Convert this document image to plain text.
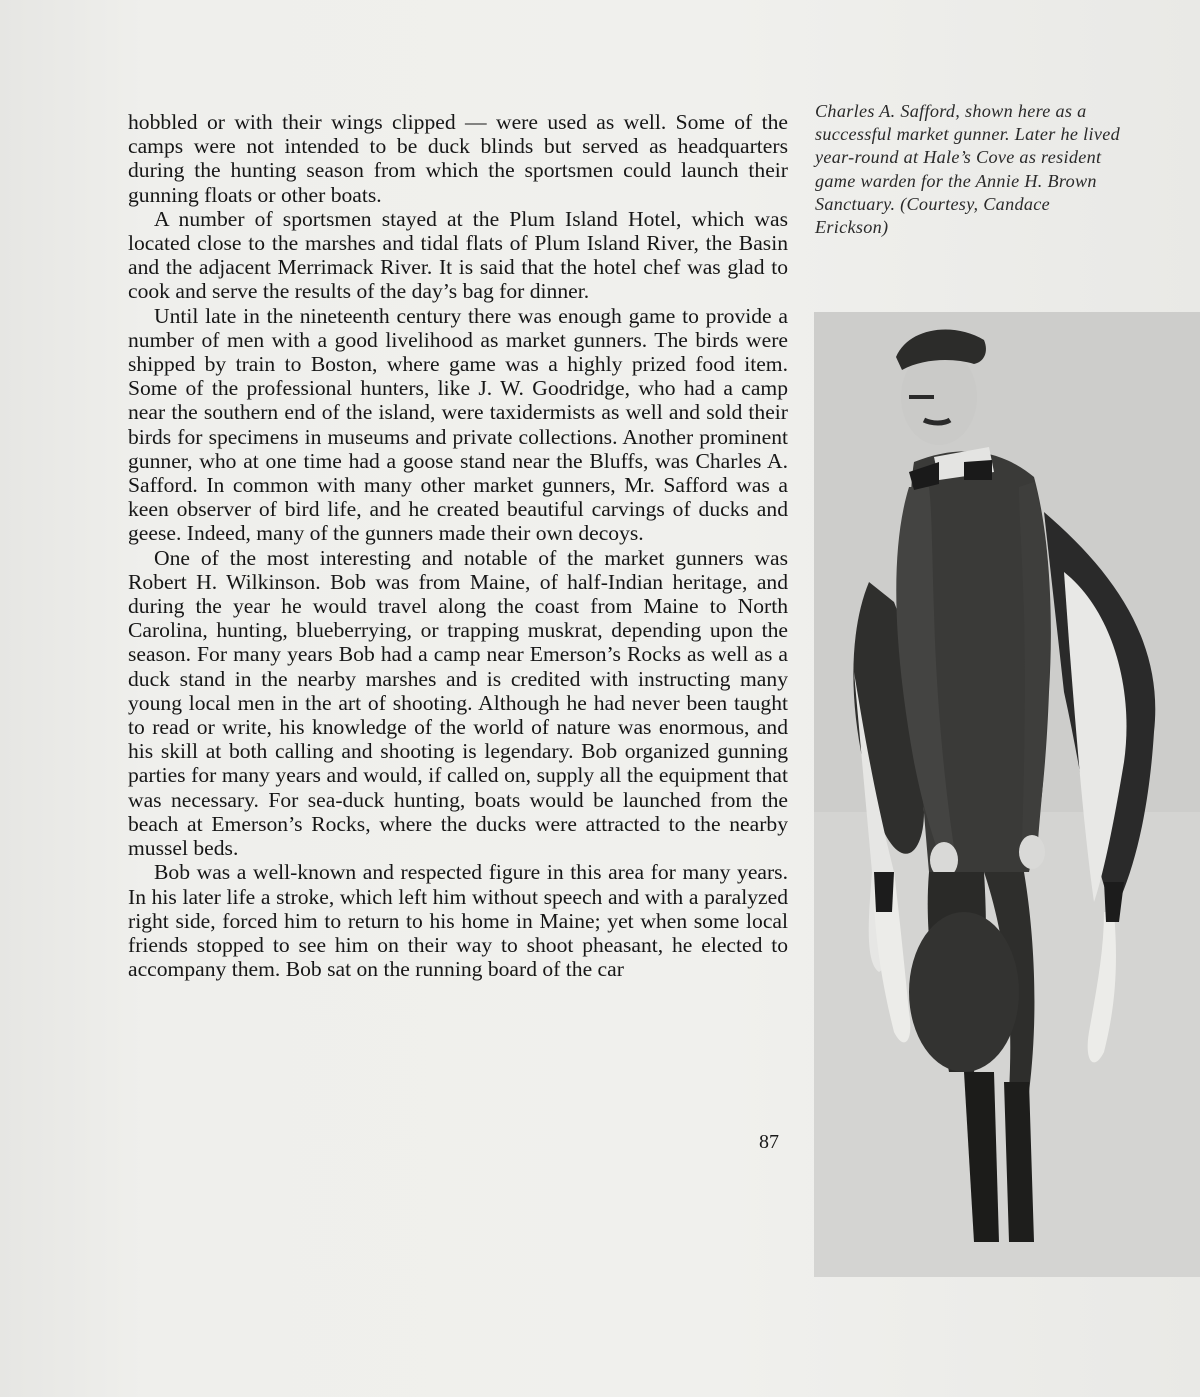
hobbled or with their wings clipped — were used as well. Some of the camps were not intended to be duck blinds but served as headquarters during the hunting season from which the sportsmen could launch their gunning floats or other boats.

A number of sportsmen stayed at the Plum Island Hotel, which was located close to the marshes and tidal flats of Plum Island River, the Basin and the adjacent Merrimack River. It is said that the hotel chef was glad to cook and serve the results of the day’s bag for dinner.

Until late in the nineteenth century there was enough game to provide a number of men with a good livelihood as market gunners. The birds were shipped by train to Boston, where game was a highly prized food item. Some of the professional hunters, like J. W. Goodridge, who had a camp near the southern end of the island, were taxidermists as well and sold their birds for specimens in museums and private collections. Another prominent gunner, who at one time had a goose stand near the Bluffs, was Charles A. Safford. In common with many other market gunners, Mr. Safford was a keen observer of bird life, and he created beautiful carvings of ducks and geese. Indeed, many of the gunners made their own decoys.

One of the most interesting and notable of the market gunners was Robert H. Wilkinson. Bob was from Maine, of half-Indian heritage, and during the year he would travel along the coast from Maine to North Carolina, hunting, blueberrying, or trapping muskrat, depending upon the season. For many years Bob had a camp near Emerson’s Rocks as well as a duck stand in the nearby marshes and is credited with instructing many young local men in the art of shooting. Although he had never been taught to read or write, his knowledge of the world of nature was enormous, and his skill at both calling and shooting is legendary. Bob organized gunning parties for many years and would, if called on, supply all the equipment that was necessary. For sea-duck hunting, boats would be launched from the beach at Emerson’s Rocks, where the ducks were attracted to the nearby mussel beds.

Bob was a well-known and respected figure in this area for many years. In his later life a stroke, which left him without speech and with a paralyzed right side, forced him to return to his home in Maine; yet when some local friends stopped to see him on their way to shoot pheasant, he elected to accompany them. Bob sat on the running board of the car

Charles A. Safford, shown here as a successful market gunner. Later he lived year-round at Hale’s Cove as resident game warden for the Annie H. Brown Sanctuary. (Courtesy, Candace Erickson)
87
